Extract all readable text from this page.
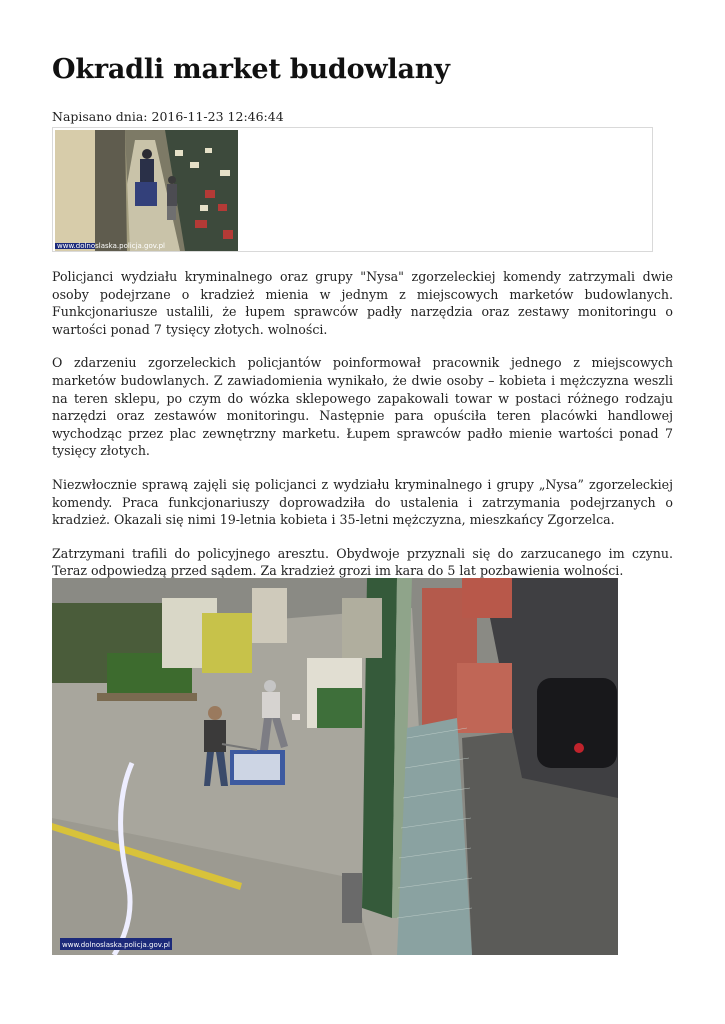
Okradli market budowlany
Napisano dnia: 2016-11-23 12:46:44
www.dolnoslaska.policja.gov.pl

Policjanci wydziału kryminalnego oraz grupy "Nysa" zgorzeleckiej komendy zatrzymali dwie osoby podejrzane o kradzież mienia w jednym z miejscowych marketów budowlanych. Funkcjonariusze ustalili, że łupem sprawców padły narzędzia oraz zestawy monitoringu o wartości ponad 7 tysięcy złotych. wolności.

O zdarzeniu zgorzeleckich policjantów poinformował pracownik jednego z miejscowych marketów budowlanych. Z zawiadomienia wynikało, że dwie osoby – kobieta i mężczyzna weszli na teren sklepu, po czym do wózka sklepowego zapakowali towar w postaci różnego rodzaju narzędzi oraz zestawów monitoringu. Następnie para opuściła teren placówki handlowej wychodząc przez plac zewnętrzny marketu. Łupem sprawców padło mienie wartości ponad 7 tysięcy złotych.

Niezwłocznie sprawą zajęli się policjanci z wydziału kryminalnego i grupy „Nysa” zgorzeleckiej komendy. Praca funkcjonariuszy doprowadziła do ustalenia i zatrzymania podejrzanych o kradzież. Okazali się nimi 19-letnia kobieta i 35-letni mężczyzna, mieszkańcy Zgorzelca.

Zatrzymani trafili do policyjnego aresztu. Obydwoje przyznali się do zarzucanego im czynu. Teraz odpowiedzą przed sądem. Za kradzież grozi im kara do 5 lat pozbawienia wolności.

www.dolnoslaska.policja.gov.pl
